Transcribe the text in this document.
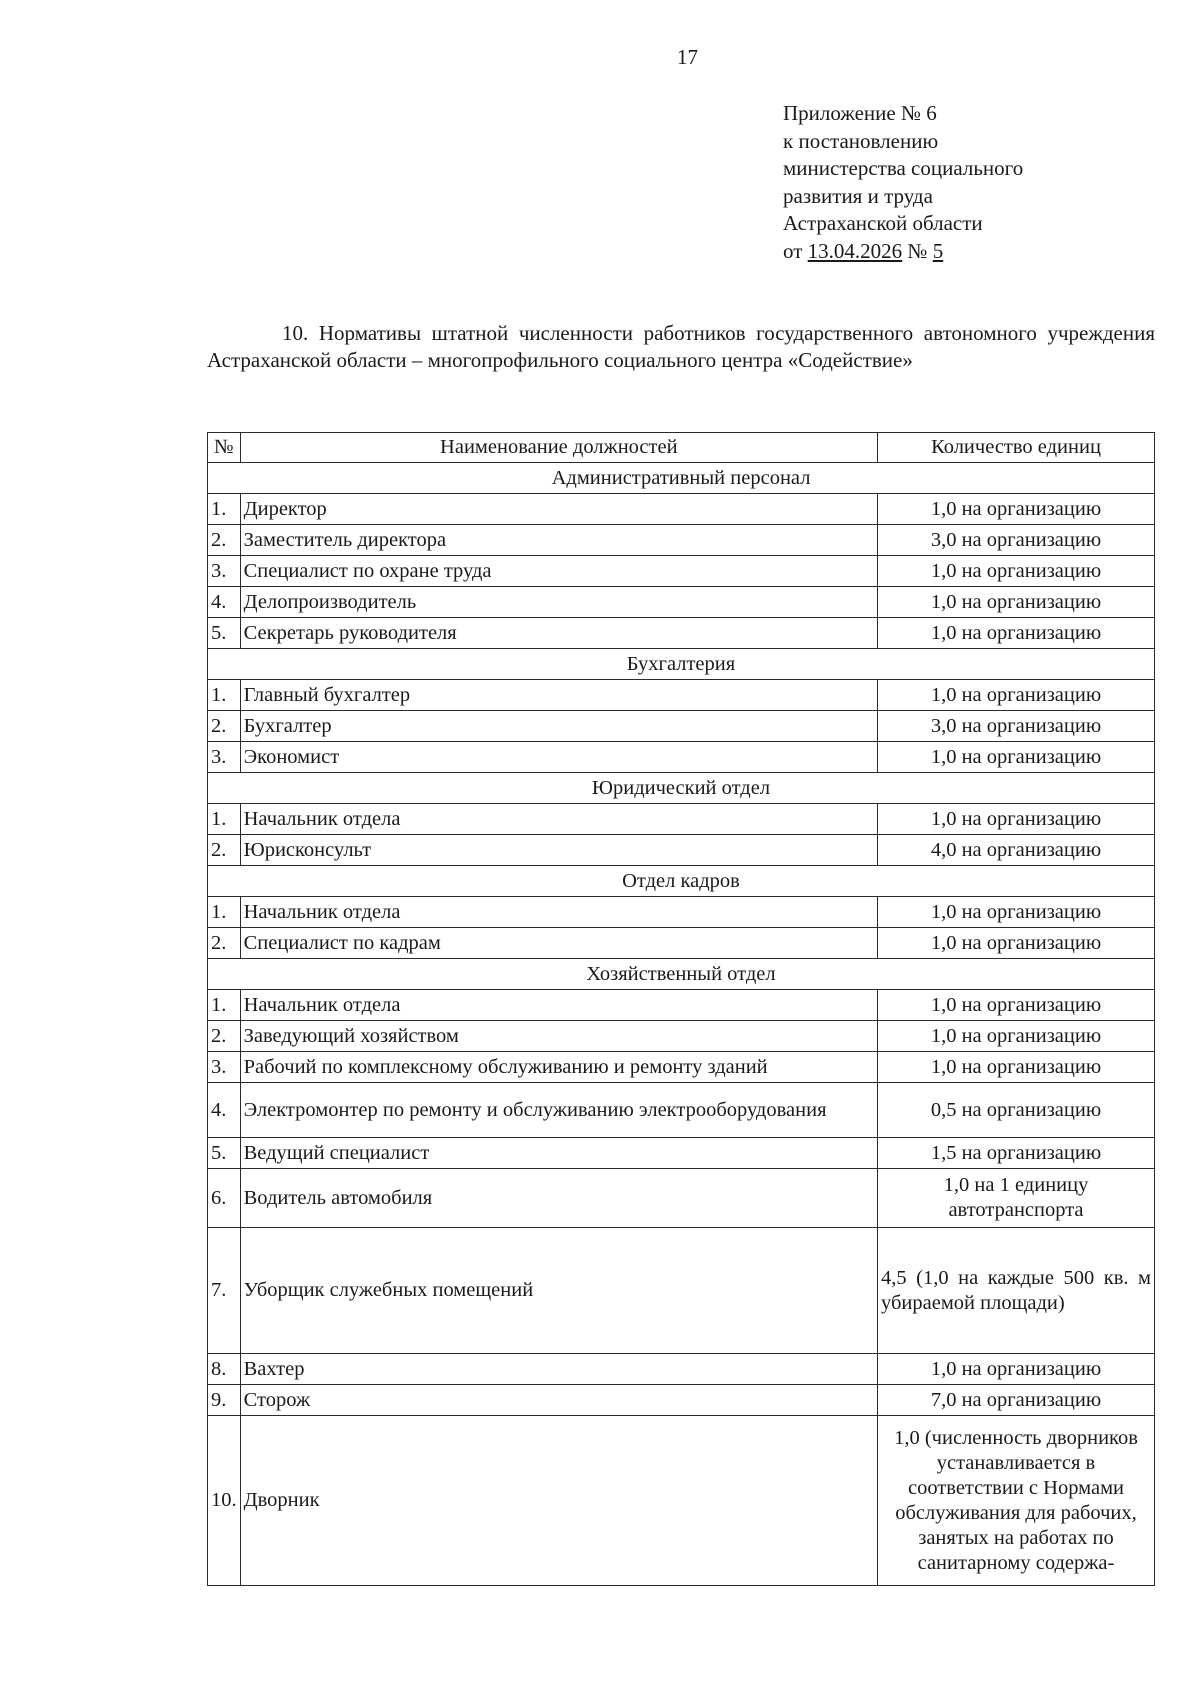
17
Приложение № 6
к постановлению
министерства социального
развития и труда
Астраханской области
от 13.04.2026 № 5
10. Нормативы штатной численности работников государственного автономного учреждения Астраханской области – многопрофильного социального центра «Содействие»
№	Наименование должностей	Количество единиц
Административный персонал		
1.	Директор	1,0 на организацию
2.	Заместитель директора	3,0 на организацию
3.	Специалист по охране труда	1,0 на организацию
4.	Делопроизводитель	1,0 на организацию
5.	Секретарь руководителя	1,0 на организацию
Бухгалтерия		
1.	Главный бухгалтер	1,0 на организацию
2.	Бухгалтер	3,0 на организацию
3.	Экономист	1,0 на организацию
Юридический отдел		
1.	Начальник отдела	1,0 на организацию
2.	Юрисконсульт	4,0 на организацию
Отдел кадров		
1.	Начальник отдела	1,0 на организацию
2.	Специалист по кадрам	1,0 на организацию
Хозяйственный отдел		
1.	Начальник отдела	1,0 на организацию
2.	Заведующий хозяйством	1,0 на организацию
3.	Рабочий по комплексному обслуживанию и ремонту зданий	1,0 на организацию
4.	Электромонтер по ремонту и обслуживанию электрооборудования	0,5 на организацию
5.	Ведущий специалист	1,5 на организацию
6.	Водитель автомобиля	1,0 на 1 единицу автотранспорта
7.	Уборщик служебных помещений	4,5 (1,0 на каждые 500 кв. м убираемой площади)
8.	Вахтер	1,0 на организацию
9.	Сторож	7,0 на организацию
10.	Дворник	1,0 (численность дворников устанавливается в соответствии с Нормами обслуживания для рабочих, занятых на работах по санитарному содержа-
